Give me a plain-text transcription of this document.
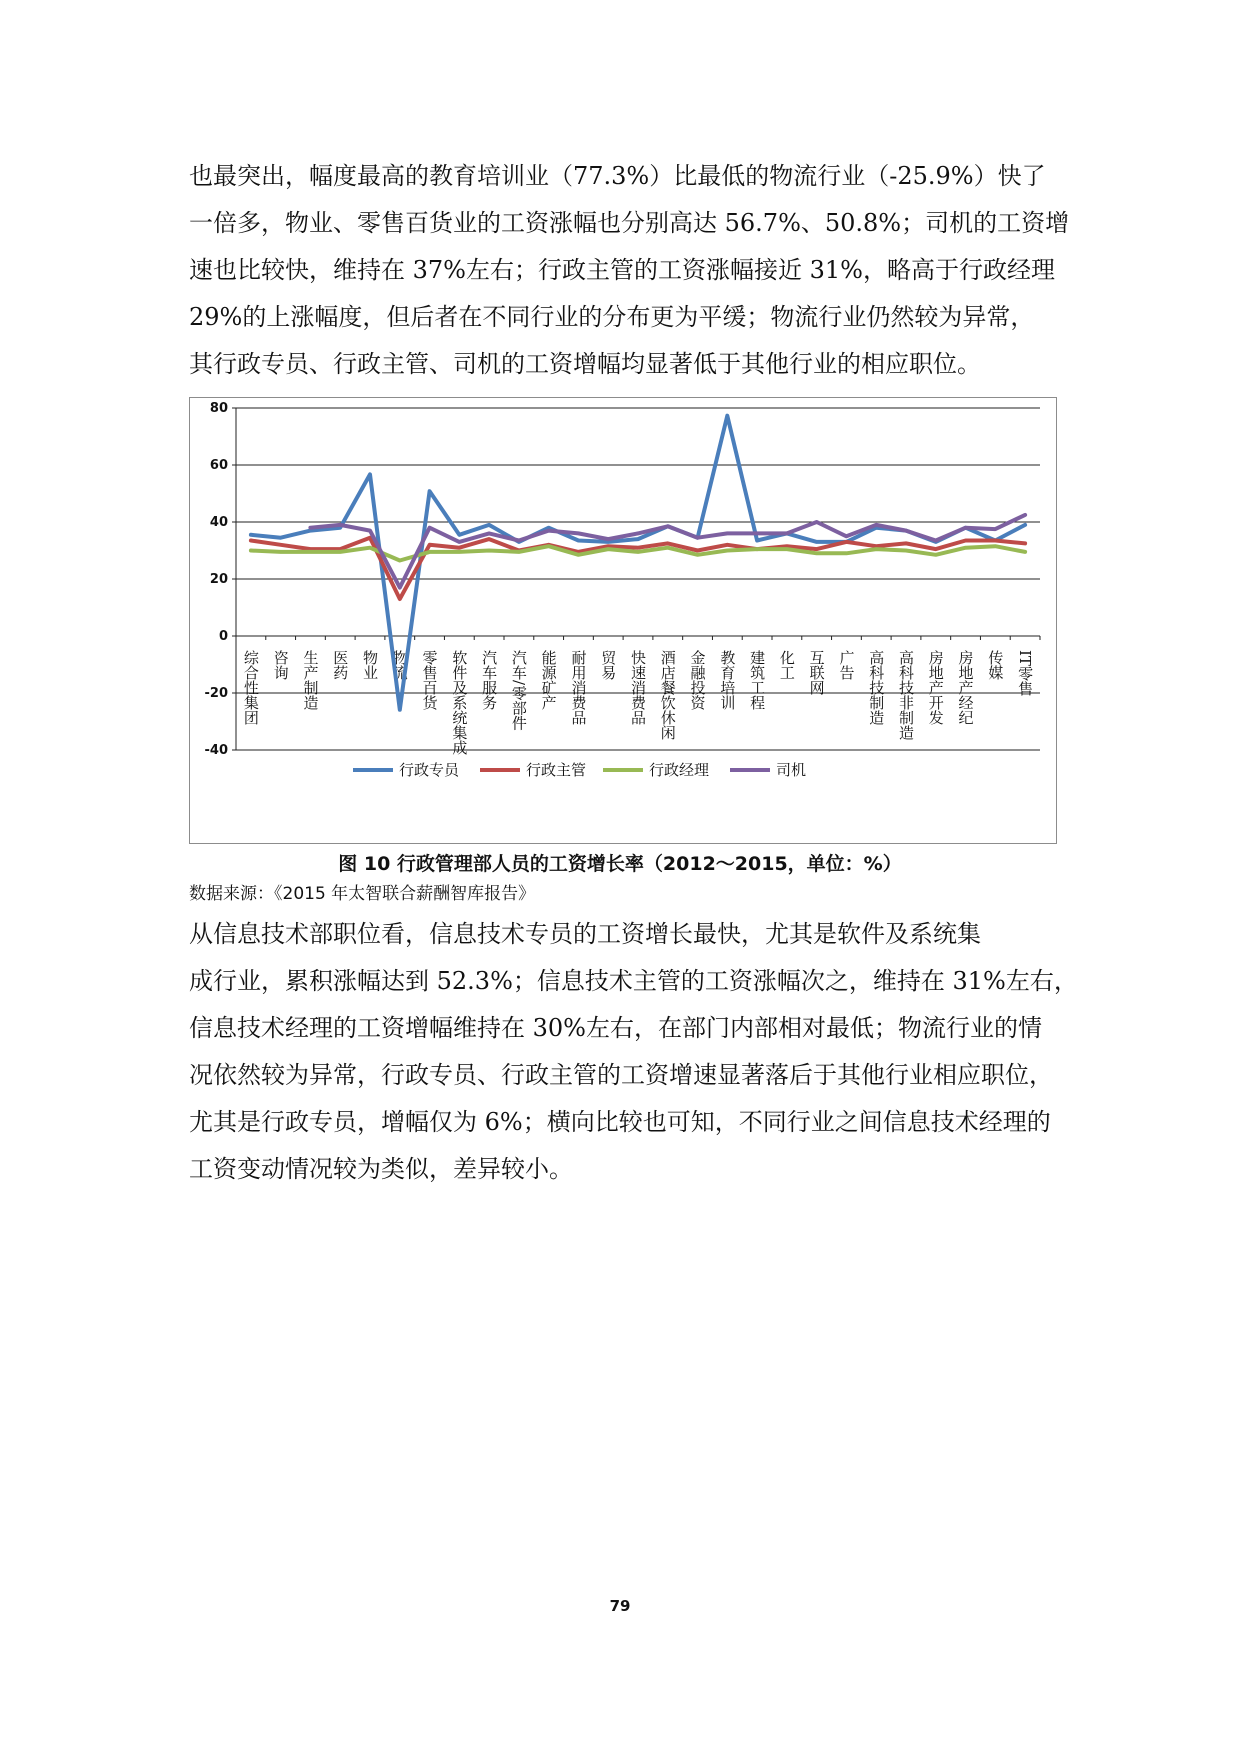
也最突出，幅度最高的教育培训业（77.3%）比最低的物流行业（-25.9%）快了
一倍多，物业、零售百货业的工资涨幅也分别高达 56.7%、50.8%；司机的工资增
速也比较快，维持在 37%左右；行政主管的工资涨幅接近 31%，略高于行政经理
29%的上涨幅度，但后者在不同行业的分布更为平缓；物流行业仍然较为异常，
其行政专员、行政主管、司机的工资增幅均显著低于其他行业的相应职位。

80
60
40
20
0
-20
-40
综合性集团 咨询 生产制造 医药 物业 物流 零售百货 软件及系统集成 汽车服务 汽车/零部件 能源矿产 耐用消费品 贸易 快速消费品 酒店餐饮休闲 金融投资 教育培训 建筑工程 化工 互联网 广告 高科技制造 高科技非制造 房地产开发 房地产经纪 传媒 IT零售
行政专员	行政主管	行政经理	司机
图 10 行政管理部人员的工资增长率（2012～2015，单位：%）
数据来源：《2015 年太智联合薪酬智库报告》

从信息技术部职位看，信息技术专员的工资增长最快，尤其是软件及系统集
成行业，累积涨幅达到 52.3%；信息技术主管的工资涨幅次之，维持在 31%左右，
信息技术经理的工资增幅维持在 30%左右，在部门内部相对最低；物流行业的情
况依然较为异常，行政专员、行政主管的工资增速显著落后于其他行业相应职位，
尤其是行政专员，增幅仅为 6%；横向比较也可知，不同行业之间信息技术经理的
工资变动情况较为类似，差异较小。

79
